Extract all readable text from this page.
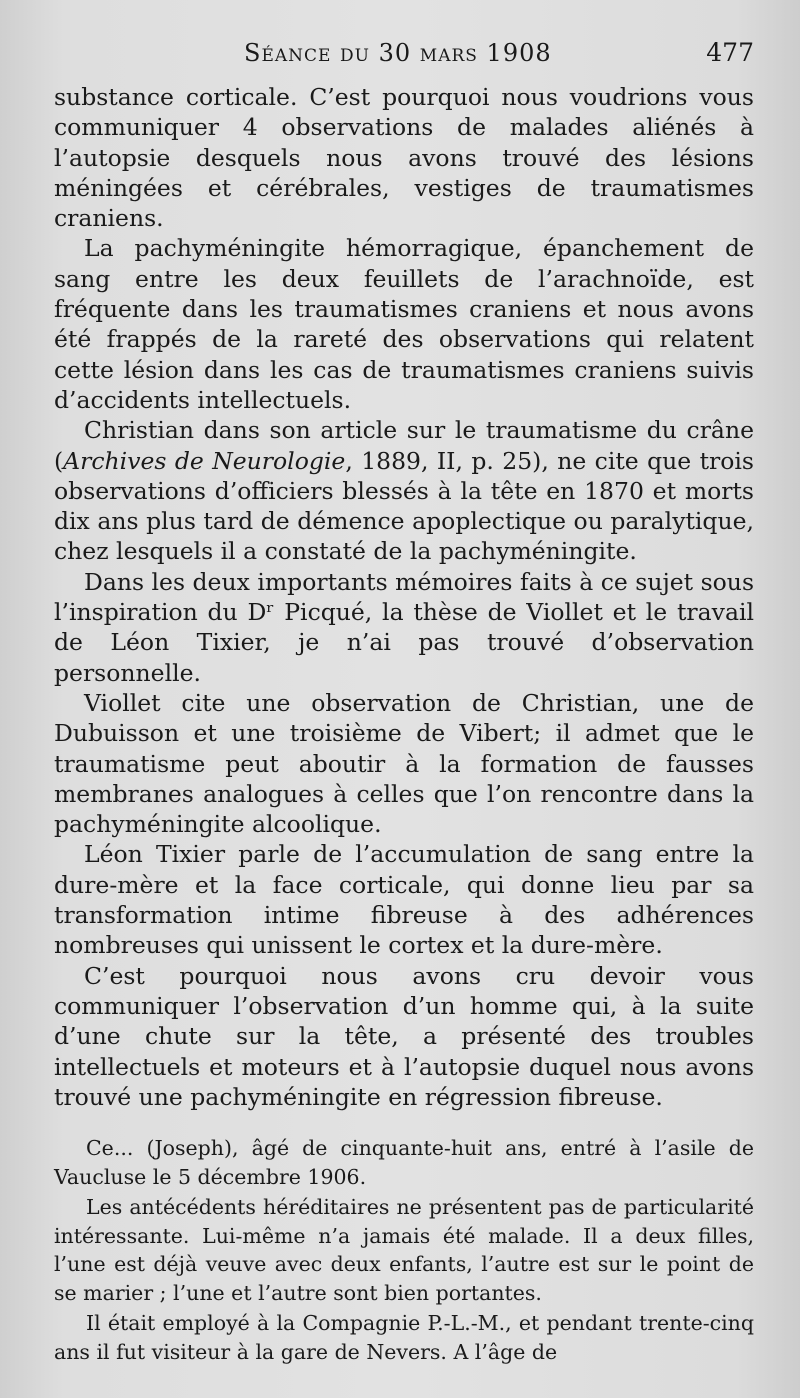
Séance du 30 mars 1908	477

substance corticale. C’est pourquoi nous voudrions vous communiquer 4 observations de malades aliénés à l’autopsie desquels nous avons trouvé des lésions méningées et cérébrales, vestiges de traumatismes craniens.

La pachyméningite hémorragique, épanchement de sang entre les deux feuillets de l’arachnoïde, est fréquente dans les traumatismes craniens et nous avons été frappés de la rareté des observations qui relatent cette lésion dans les cas de traumatismes craniens suivis d’accidents intellectuels.

Christian dans son article sur le traumatisme du crâne (Archives de Neurologie, 1889, II, p. 25), ne cite que trois observations d’officiers blessés à la tête en 1870 et morts dix ans plus tard de démence apoplectique ou paralytique, chez lesquels il a constaté de la pachyméningite.

Dans les deux importants mémoires faits à ce sujet sous l’inspiration du Dʳ Picqué, la thèse de Viollet et le travail de Léon Tixier, je n’ai pas trouvé d’observation personnelle.

Viollet cite une observation de Christian, une de Dubuisson et une troisième de Vibert; il admet que le traumatisme peut aboutir à la formation de fausses membranes analogues à celles que l’on rencontre dans la pachyméningite alcoolique.

Léon Tixier parle de l’accumulation de sang entre la dure-mère et la face corticale, qui donne lieu par sa transformation intime fibreuse à des adhérences nombreuses qui unissent le cortex et la dure-mère.

C’est pourquoi nous avons cru devoir vous communiquer l’observation d’un homme qui, à la suite d’une chute sur la tête, a présenté des troubles intellectuels et moteurs et à l’autopsie duquel nous avons trouvé une pachyméningite en régression fibreuse.

Ce... (Joseph), âgé de cinquante-huit ans, entré à l’asile de Vaucluse le 5 décembre 1906.

Les antécédents héréditaires ne présentent pas de particularité intéressante. Lui-même n’a jamais été malade. Il a deux filles, l’une est déjà veuve avec deux enfants, l’autre est sur le point de se marier ; l’une et l’autre sont bien portantes.

Il était employé à la Compagnie P.-L.-M., et pendant trente-cinq ans il fut visiteur à la gare de Nevers. A l’âge de
